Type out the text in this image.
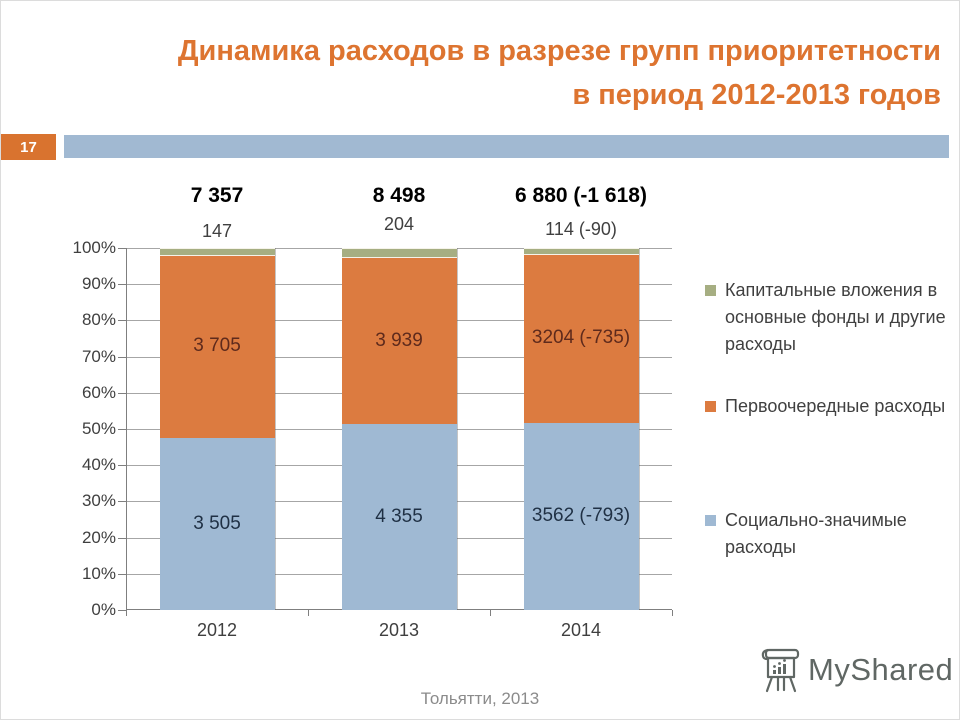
Динамика расходов в разрезе групп приоритетности
в период 2012-2013 годов
17
100%
90%
80%
70%
60%
50%
40%
30%
20%
10%
0%
3 505
3 705
7 357
147
2012
4 355
3 939
8 498
204
2013
3562 (-793)
3204 (-735)
6 880 (-1 618)
114 (-90)
2014
Капитальные вложения в основные фонды и другие расходы
Первоочередные расходы
Социально-значимые расходы
Тольятти, 2013
MyShared
